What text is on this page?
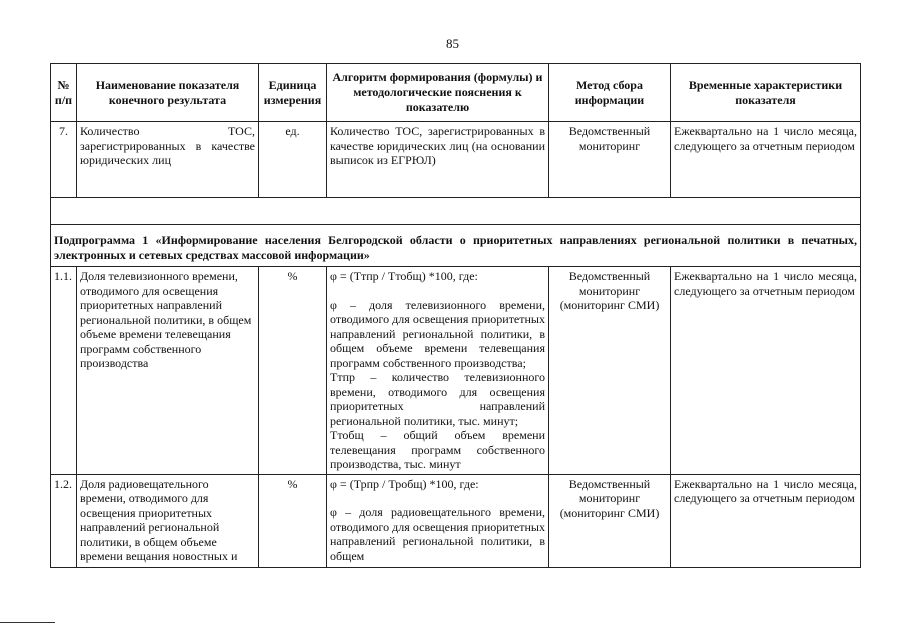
85
№ п/п	Наименование показателя конечного результата	Единица измерения	Алгоритм формирования (формулы) и методологические пояснения к показателю	Метод сбора информации	Временные характеристики показателя
7.	Количество ТОС, зарегистрированных в качестве юридических лиц	ед.	Количество ТОС, зарегистрированных в качестве юридических лиц (на основании выписок из ЕГРЮЛ)	Ведомственный мониторинг	Ежеквартально на 1 число месяца, следующего за отчетным периодом

Подпрограмма 1 «Информирование населения Белгородской области о приоритетных направлениях региональной политики в печатных, электронных и сетевых средствах массовой информации»					
1.1.	Доля телевизионного времени, отводимого для освещения приоритетных направлений региональной политики, в общем объеме времени телевещания программ собственного производства	%	φ = (Ттпр / Ттобщ) *100, где:
φ – доля телевизионного времени, отводимого для освещения приоритетных направлений региональной политики, в общем объеме времени телевещания программ собственного производства;
Ттпр – количество телевизионного времени, отводимого для освещения приоритетных направлений региональной политики, тыс. минут;
Ттобщ – общий объем времени телевещания программ собственного производства, тыс. минут	Ведомственный мониторинг (мониторинг СМИ)	Ежеквартально на 1 число месяца, следующего за отчетным периодом
1.2.	Доля радиовещательного времени, отводимого для освещения приоритетных направлений региональной политики, в общем объеме времени вещания новостных и	%	φ = (Трпр / Тробщ) *100, где:
φ – доля радиовещательного времени, отводимого для освещения приоритетных направлений региональной политики, в общем	Ведомственный мониторинг (мониторинг СМИ)	Ежеквартально на 1 число месяца, следующего за отчетным периодом
